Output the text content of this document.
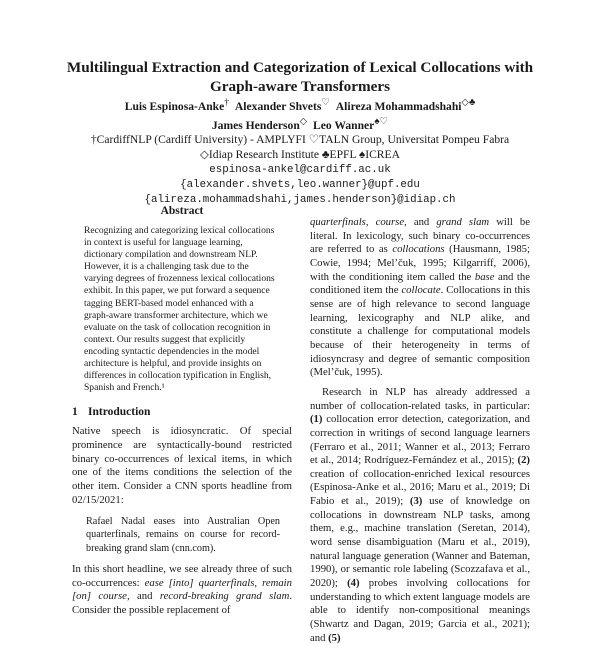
Multilingual Extraction and Categorization of Lexical Collocations with Graph-aware Transformers
Luis Espinosa-Anke† Alexander Shvets♡ Alireza Mohammadshahi◇♣
James Henderson◇ Leo Wanner♠♡
†CardiffNLP (Cardiff University) - AMPLYFI ♡TALN Group, Universitat Pompeu Fabra
◇Idiap Research Institute ♣EPFL ♠ICREA
espinosa-ankel@cardiff.ac.uk
{alexander.shvets,leo.wanner}@upf.edu
{alireza.mohammadshahi,james.henderson}@idiap.ch
Abstract

Recognizing and categorizing lexical collocations in context is useful for language learning, dictionary compilation and downstream NLP. However, it is a challenging task due to the varying degrees of frozenness lexical collocations exhibit. In this paper, we put forward a sequence tagging BERT-based model enhanced with a graph-aware transformer architecture, which we evaluate on the task of collocation recognition in context. Our results suggest that explicitly encoding syntactic dependencies in the model architecture is helpful, and provide insights on differences in collocation typification in English, Spanish and French.¹

1 Introduction

Native speech is idiosyncratic. Of special prominence are syntactically-bound restricted binary co-occurrences of lexical items, in which one of the items conditions the selection of the other item. Consider a CNN sports headline from 02/15/2021:

Rafael Nadal eases into Australian Open quarterfinals, remains on course for record-breaking grand slam (cnn.com).

In this short headline, we see already three of such co-occurrences: ease [into] quarterfinals, remain [on] course, and record-breaking grand slam. Consider the possible replacement of

quarterfinals, course, and grand slam will be literal. In lexicology, such binary co-occurrences are referred to as collocations (Hausmann, 1985; Cowie, 1994; Mel’čuk, 1995; Kilgarriff, 2006), with the conditioning item called the base and the conditioned item the collocate. Collocations in this sense are of high relevance to second language learning, lexicography and NLP alike, and constitute a challenge for computational models because of their heterogeneity in terms of idiosyncrasy and degree of semantic composition (Mel’čuk, 1995).

Research in NLP has already addressed a number of collocation-related tasks, in particular: (1) collocation error detection, categorization, and correction in writings of second language learners (Ferraro et al., 2011; Wanner et al., 2013; Ferraro et al., 2014; Rodríguez-Fernández et al., 2015); (2) creation of collocation-enriched lexical resources (Espinosa-Anke et al., 2016; Maru et al., 2019; Di Fabio et al., 2019); (3) use of knowledge on collocations in downstream NLP tasks, among them, e.g., machine translation (Seretan, 2014), word sense disambiguation (Maru et al., 2019), natural language generation (Wanner and Bateman, 1990), or semantic role labeling (Scozzafava et al., 2020); (4) probes involving collocations for understanding to which extent language models are able to identify non-compositional meanings (Shwartz and Dagan, 2019; Garcia et al., 2021); and (5)
